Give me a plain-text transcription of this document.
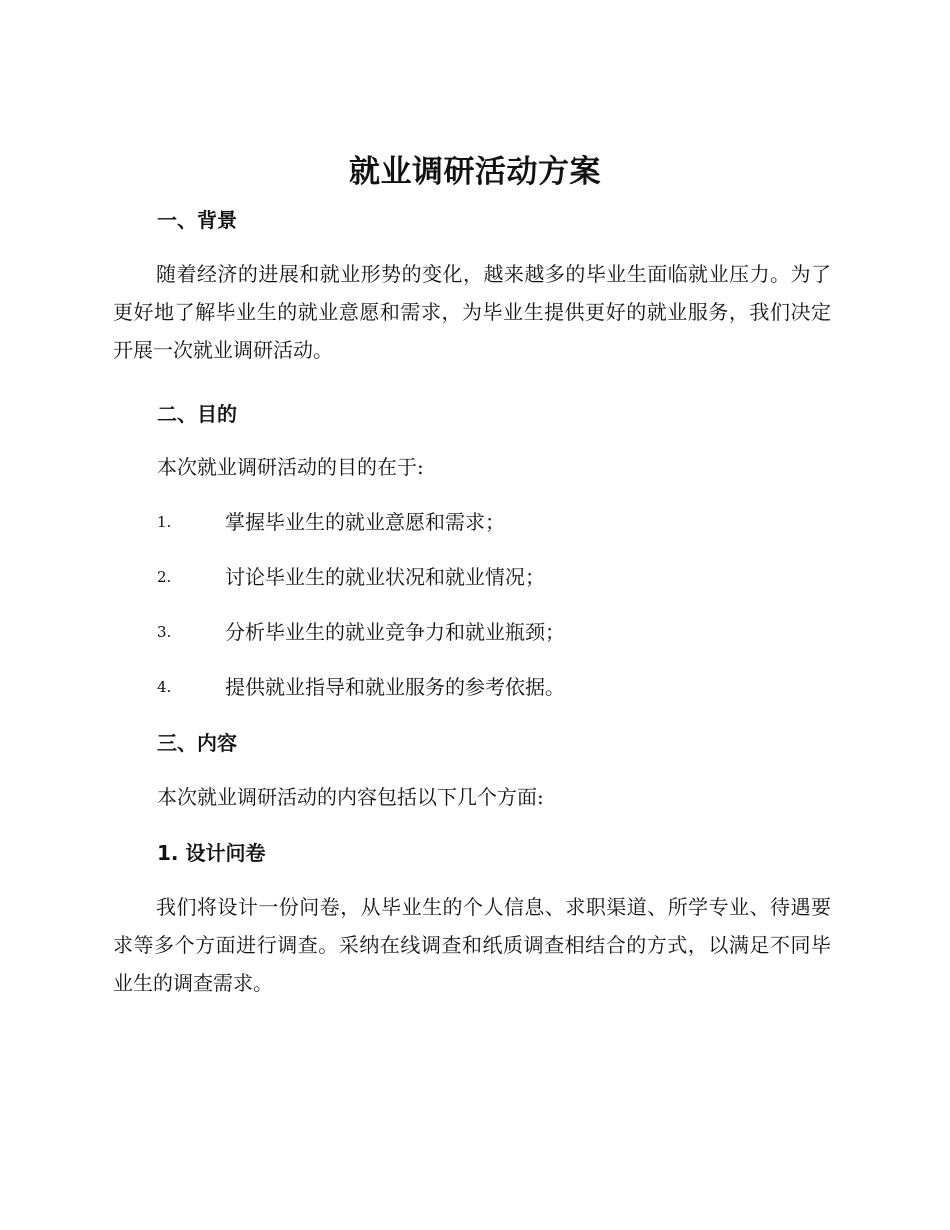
就业调研活动方案
一、背景
随着经济的进展和就业形势的变化，越来越多的毕业生面临就业压力。为了更好地了解毕业生的就业意愿和需求，为毕业生提供更好的就业服务，我们决定开展一次就业调研活动。
二、目的
本次就业调研活动的目的在于:
1.	掌握毕业生的就业意愿和需求；
2.	讨论毕业生的就业状况和就业情况；
3.	分析毕业生的就业竞争力和就业瓶颈；
4.	提供就业指导和就业服务的参考依据。
三、内容
本次就业调研活动的内容包括以下几个方面:
1. 设计问卷
我们将设计一份问卷，从毕业生的个人信息、求职渠道、所学专业、待遇要求等多个方面进行调查。采纳在线调查和纸质调查相结合的方式，以满足不同毕业生的调查需求。
